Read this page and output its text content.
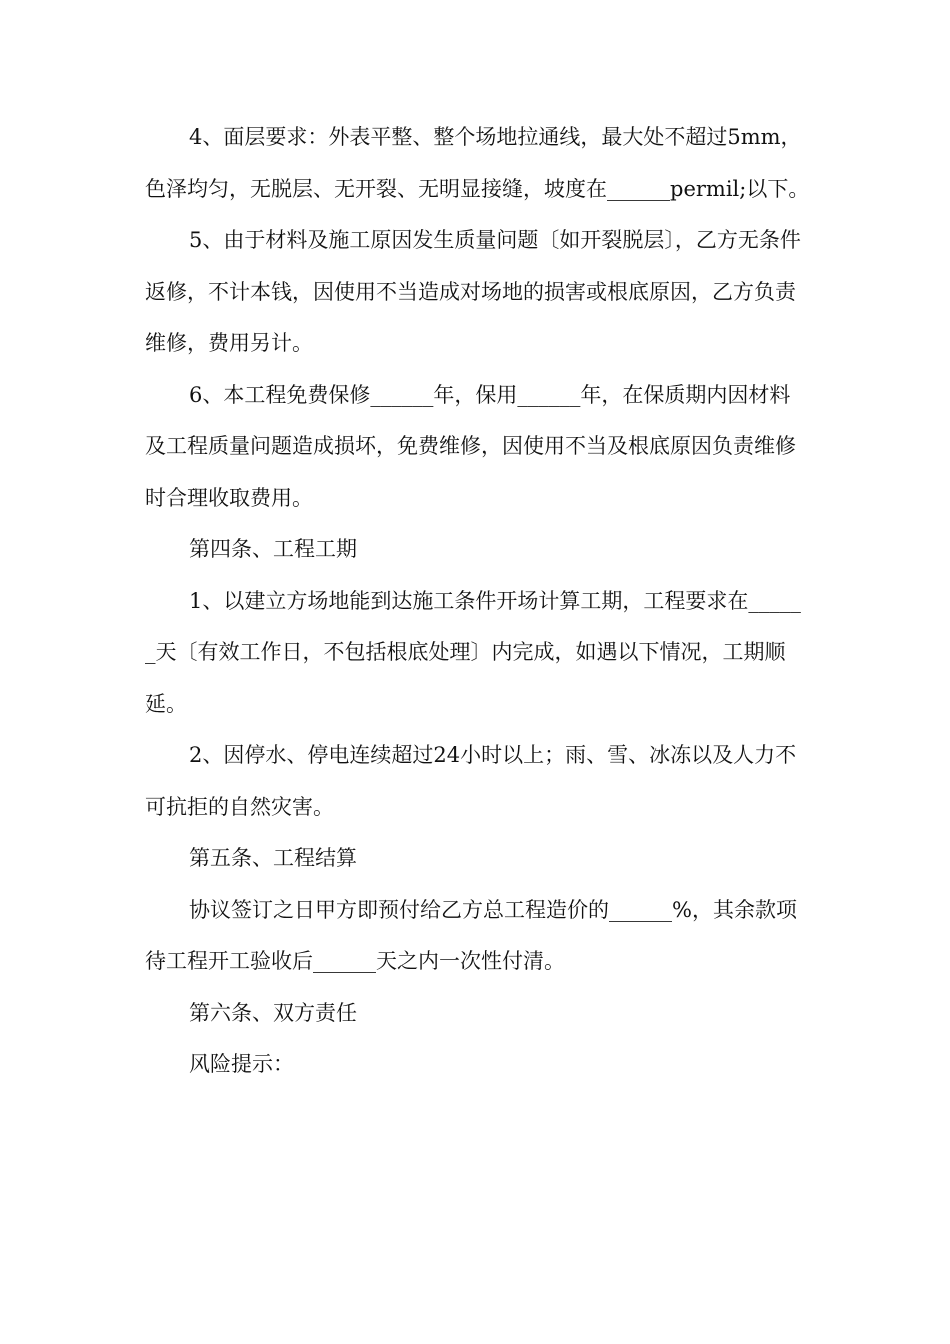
4、面层要求：外表平整、整个场地拉通线，最大处不超过5mm，色泽均匀，无脱层、无开裂、无明显接缝，坡度在______permil;以下。

5、由于材料及施工原因发生质量问题〔如开裂脱层〕，乙方无条件返修，不计本钱，因使用不当造成对场地的损害或根底原因，乙方负责维修，费用另计。

6、本工程免费保修______年，保用______年，在保质期内因材料及工程质量问题造成损坏，免费维修，因使用不当及根底原因负责维修时合理收取费用。

第四条、工程工期

1、以建立方场地能到达施工条件开场计算工期，工程要求在______天〔有效工作日，不包括根底处理〕内完成，如遇以下情况，工期顺延。

2、因停水、停电连续超过24小时以上；雨、雪、冰冻以及人力不可抗拒的自然灾害。

第五条、工程结算

协议签订之日甲方即预付给乙方总工程造价的______%，其余款项待工程开工验收后______天之内一次性付清。

第六条、双方责任

风险提示：
